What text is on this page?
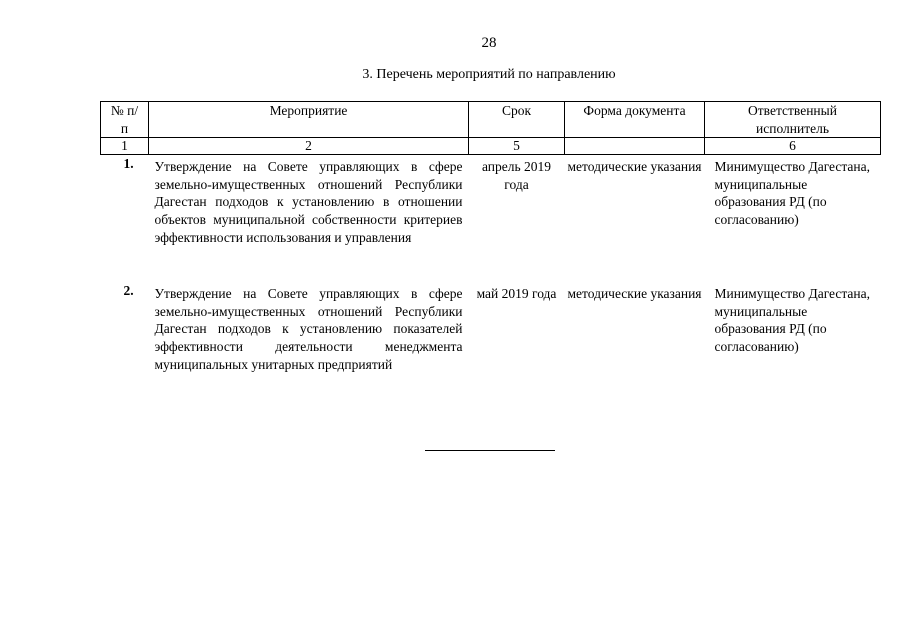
28
3. Перечень мероприятий по направлению
№ п/п	Мероприятие	Срок	Форма документа	Ответственный исполнитель
1	2	5		6
1.	Утверждение на Совете управляющих в сфере земельно-имущественных отношений Республики Дагестан подходов к установлению в отношении объектов муниципальной собственности критериев эффективности использования и управления	апрель 2019 года	методические указания	Минимущество Дагестана, муниципальные образования РД (по согласованию)
2.	Утверждение на Совете управляющих в сфере земельно-имущественных отношений Республики Дагестан подходов к установлению показателей эффективности деятельности менеджмента муниципальных унитарных предприятий	май 2019 года	методические указания	Минимущество Дагестана, муниципальные образования РД (по согласованию)
